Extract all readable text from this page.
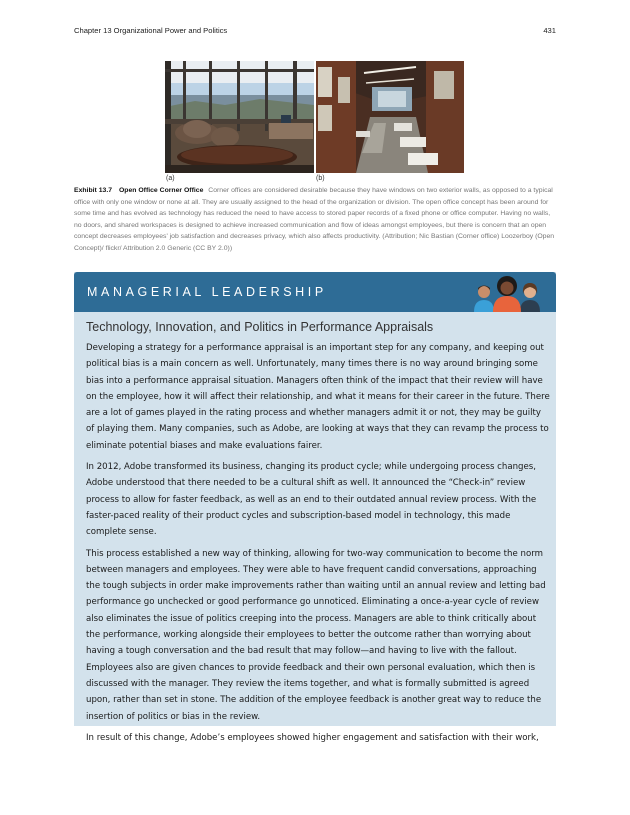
Chapter 13 Organizational Power and Politics	431
(a)	(b)
Exhibit 13.7 Open Office Corner Office Corner offices are considered desirable because they have windows on two exterior walls, as opposed to a typical office with only one window or none at all. They are usually assigned to the head of the organization or division. The open office concept has been around for some time and has evolved as technology has reduced the need to have access to stored paper records of a fixed phone or office computer. Having no walls, no doors, and shared workspaces is designed to achieve increased communication and flow of ideas amongst employees, but there is concern that an open concept decreases employees' job satisfaction and decreases privacy, which also affects productivity. (Attribution; Nic Bastian (Corner office) Loozerboy (Open Concept)/ flickr/ Attribution 2.0 Generic (CC BY 2.0))
MANAGERIAL LEADERSHIP
Technology, Innovation, and Politics in Performance Appraisals

Developing a strategy for a performance appraisal is an important step for any company, and keeping out political bias is a main concern as well. Unfortunately, many times there is no way around bringing some bias into a performance appraisal situation. Managers often think of the impact that their review will have on the employee, how it will affect their relationship, and what it means for their career in the future. There are a lot of games played in the rating process and whether managers admit it or not, they may be guilty of playing them. Many companies, such as Adobe, are looking at ways that they can revamp the process to eliminate potential biases and make evaluations fairer.

In 2012, Adobe transformed its business, changing its product cycle; while undergoing process changes, Adobe understood that there needed to be a cultural shift as well. It announced the “Check-in” review process to allow for faster feedback, as well as an end to their outdated annual review process. With the faster-paced reality of their product cycles and subscription-based model in technology, this made complete sense.

This process established a new way of thinking, allowing for two-way communication to become the norm between managers and employees. They were able to have frequent candid conversations, approaching the tough subjects in order make improvements rather than waiting until an annual review and letting bad performance go unchecked or good performance go unnoticed. Eliminating a once-a-year cycle of review also eliminates the issue of politics creeping into the process. Managers are able to think critically about the performance, working alongside their employees to better the outcome rather than worrying about having a tough conversation and the bad result that may follow—and having to live with the fallout. Employees also are given chances to provide feedback and their own personal evaluation, which then is discussed with the manager. They review the items together, and what is formally submitted is agreed upon, rather than set in stone. The addition of the employee feedback is another great way to reduce the insertion of politics or bias in the review.

In result of this change, Adobe’s employees showed higher engagement and satisfaction with their work,
